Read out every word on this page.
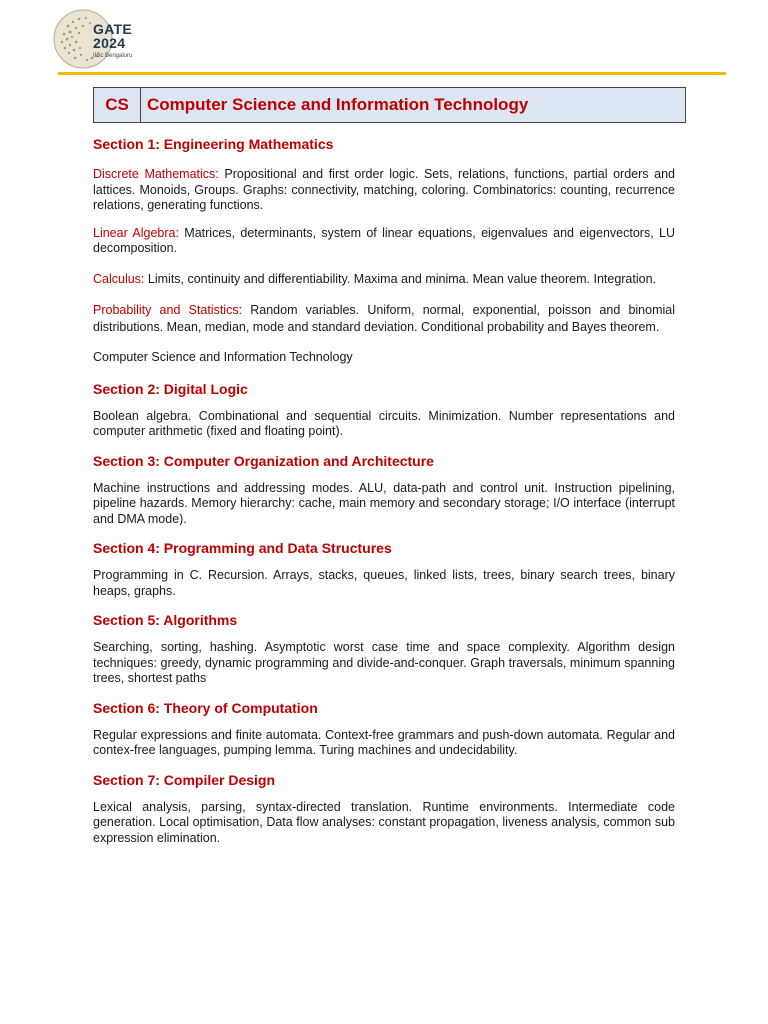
GATE
2024
IISc Bengaluru
CS	Computer Science and Information Technology
Section 1: Engineering Mathematics

Discrete Mathematics: Propositional and first order logic. Sets, relations, functions, partial orders and lattices. Monoids, Groups. Graphs: connectivity, matching, coloring. Combinatorics: counting, recurrence relations, generating functions.

Linear Algebra: Matrices, determinants, system of linear equations, eigenvalues and eigenvectors, LU decomposition.

Calculus: Limits, continuity and differentiability. Maxima and minima. Mean value theorem. Integration.

Probability and Statistics: Random variables. Uniform, normal, exponential, poisson and binomial distributions. Mean, median, mode and standard deviation. Conditional probability and Bayes theorem.

Computer Science and Information Technology

Section 2: Digital Logic

Boolean algebra. Combinational and sequential circuits. Minimization. Number representations and computer arithmetic (fixed and floating point).

Section 3: Computer Organization and Architecture

Machine instructions and addressing modes. ALU, data-path and control unit. Instruction pipelining, pipeline hazards. Memory hierarchy: cache, main memory and secondary storage; I/O interface (interrupt and DMA mode).

Section 4: Programming and Data Structures

Programming in C. Recursion. Arrays, stacks, queues, linked lists, trees, binary search trees, binary heaps, graphs.

Section 5: Algorithms

Searching, sorting, hashing. Asymptotic worst case time and space complexity. Algorithm design techniques: greedy, dynamic programming and divide-and-conquer. Graph traversals, minimum spanning trees, shortest paths

Section 6: Theory of Computation

Regular expressions and finite automata. Context-free grammars and push-down automata. Regular and contex-free languages, pumping lemma. Turing machines and undecidability.

Section 7: Compiler Design

Lexical analysis, parsing, syntax-directed translation. Runtime environments. Intermediate code generation. Local optimisation, Data flow analyses: constant propagation, liveness analysis, common sub expression elimination.
